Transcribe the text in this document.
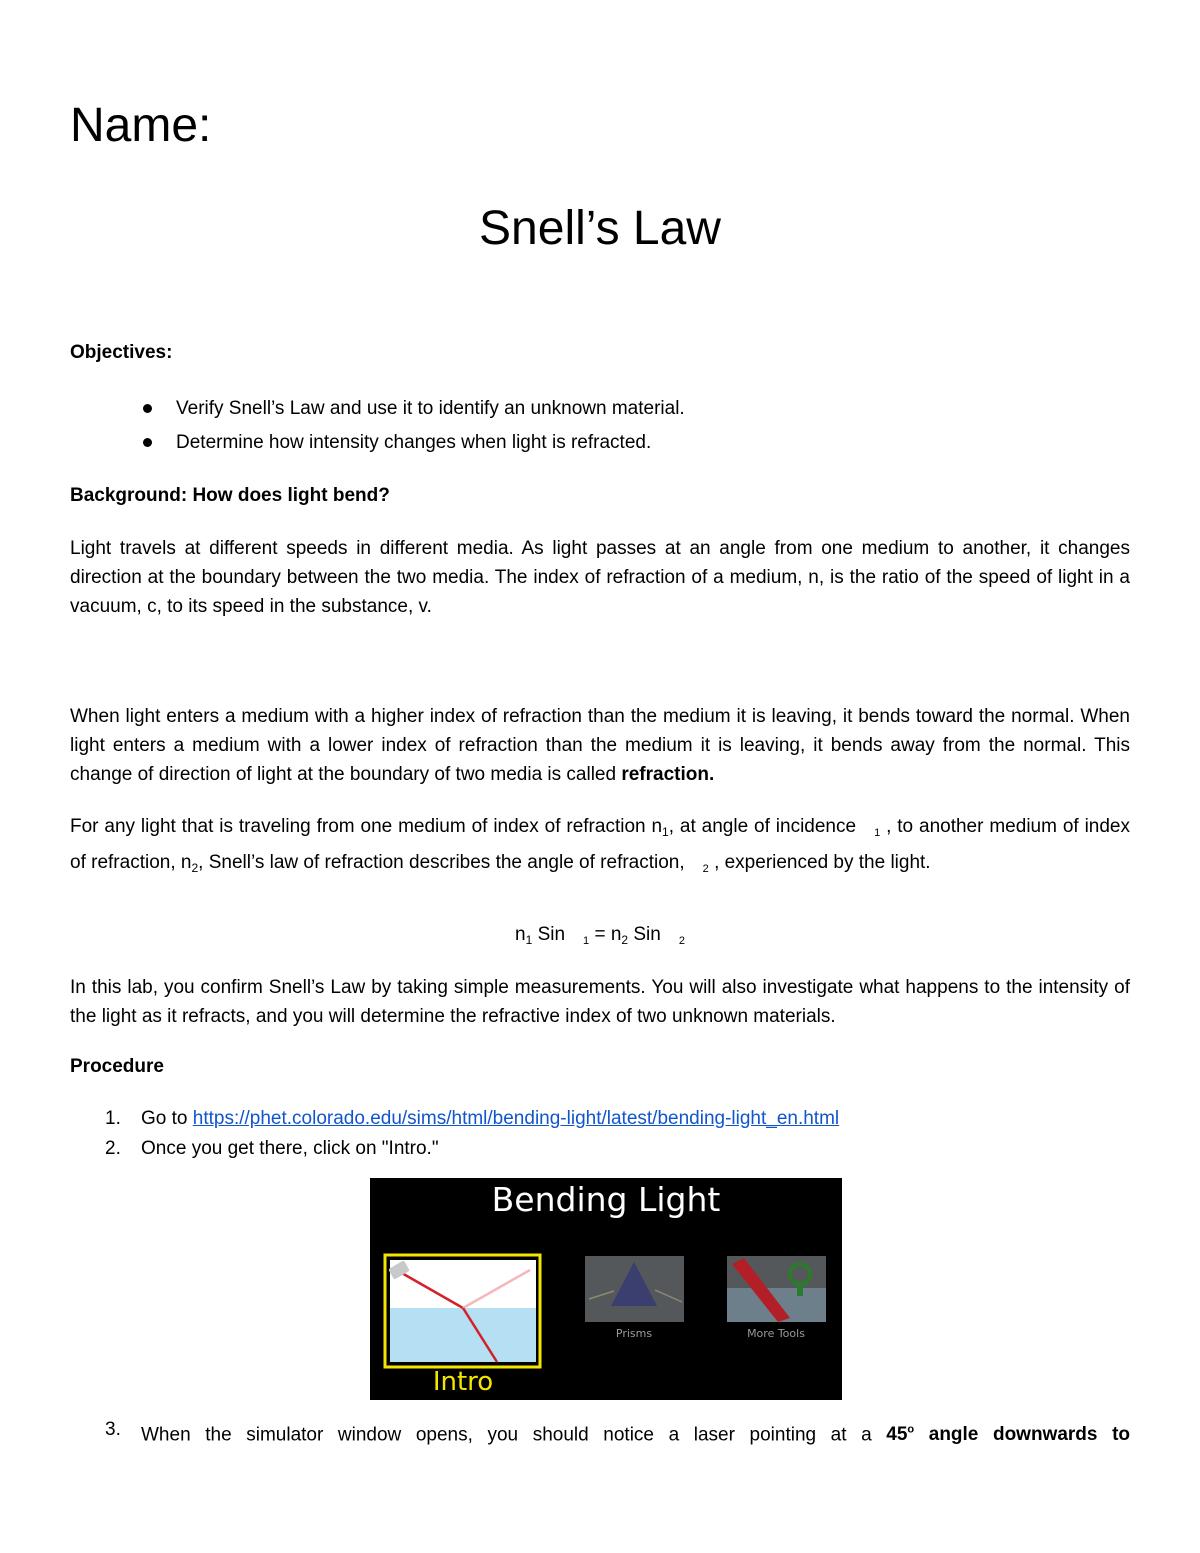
Name:
Snell’s Law
Objectives:
Verify Snell’s Law and use it to identify an unknown material.
Determine how intensity changes when light is refracted.
Background: How does light bend?
Light travels at different speeds in different media. As light passes at an angle from one medium to another, it changes direction at the boundary between the two media. The index of refraction of a medium, n, is the ratio of the speed of light in a vacuum, c, to its speed in the substance, v.
When light enters a medium with a higher index of refraction than the medium it is leaving, it bends toward the normal. When light enters a medium with a lower index of refraction than the medium it is leaving, it bends away from the normal. This change of direction of light at the boundary of two media is called refraction.
For any light that is traveling from one medium of index of refraction $n_1$, at angle of incidence $_1$ , to another medium of index of refraction, $n_2$, Snell’s law of refraction describes the angle of refraction, $_2$ , experienced by the light.
$n_1$ Sin $_1 = n_2$ Sin $_2$
In this lab, you confirm Snell’s Law by taking simple measurements. You will also investigate what happens to the intensity of the light as it refracts, and you will determine the refractive index of two unknown materials.
Procedure
1. Go to https://phet.colorado.edu/sims/html/bending-light/latest/bending-light_en.html
2. Once you get there, click on "Intro."
Bending Light
Intro
Prisms	More Tools
3. When the simulator window opens, you should notice a laser pointing at a 45$^o$ angle downwards to
